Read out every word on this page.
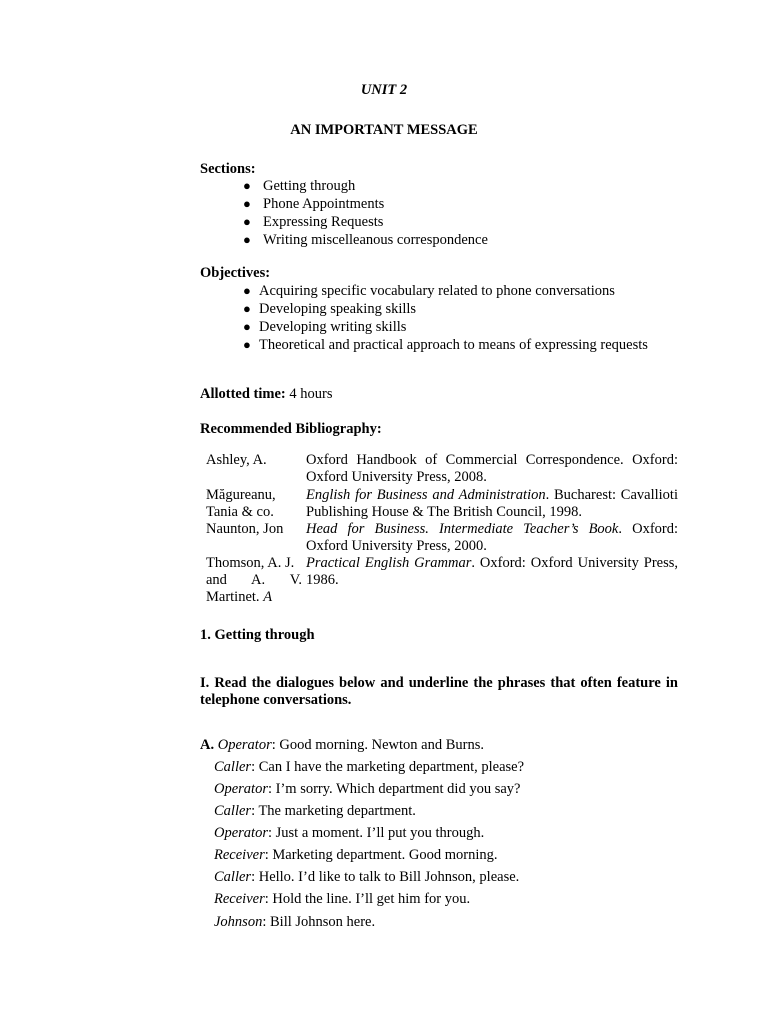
UNIT 2
AN IMPORTANT MESSAGE
Sections:
● Getting through
● Phone Appointments
● Expressing Requests
● Writing miscelleanous correspondence
Objectives:
● Acquiring specific vocabulary related to phone conversations
● Developing speaking skills
● Developing writing skills
● Theoretical and practical approach to means of expressing requests
Allotted time: 4 hours
Recommended Bibliography:
Ashley, A.	Oxford Handbook of Commercial Correspondence. Oxford:
Oxford University Press, 2008.
Măgureanu,
Tania & co.
English for Business and Administration. Bucharest: Cavallioti
Publishing House & The British Council, 1998.
Naunton, Jon	Head for Business. Intermediate Teacher’s Book. Oxford:
Oxford University Press, 2000.
Thomson, A. J.
and A. V.
Martinet. A
Practical English Grammar. Oxford: Oxford University Press,
1986.
1. Getting through
I. Read the dialogues below and underline the phrases that often feature in
telephone conversations.
A. Operator: Good morning. Newton and Burns.
Caller: Can I have the marketing department, please?
Operator: I’m sorry. Which department did you say?
Caller: The marketing department.
Operator: Just a moment. I’ll put you through.
Receiver: Marketing department. Good morning.
Caller: Hello. I’d like to talk to Bill Johnson, please.
Receiver: Hold the line. I’ll get him for you.
Johnson: Bill Johnson here.
